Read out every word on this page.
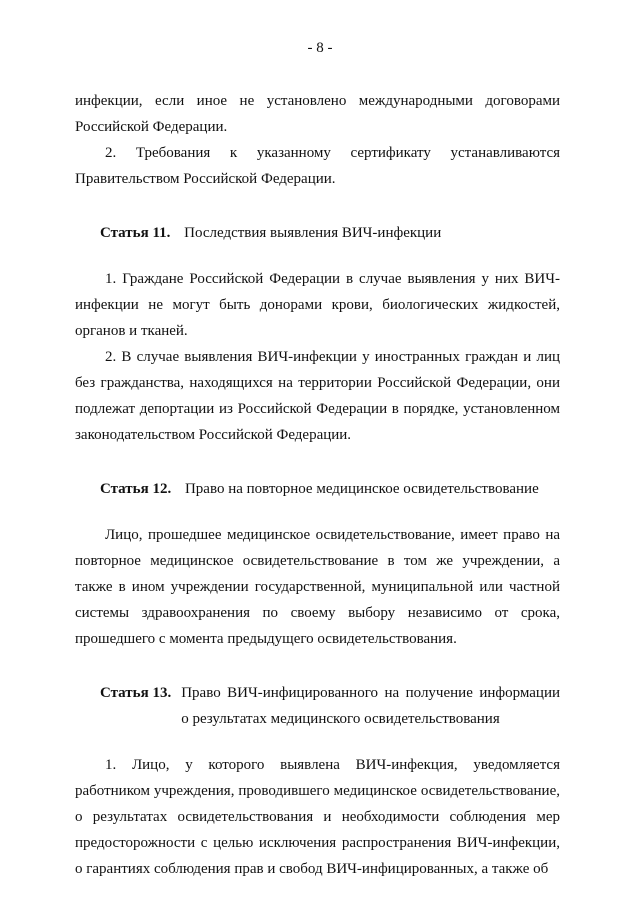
- 8 -

инфекции, если иное не установлено международными договорами Российской Федерации.

2. Требования к указанному сертификату устанавливаются Правительством Российской Федерации.

Статья 11. Последствия выявления ВИЧ-инфекции

1. Граждане Российской Федерации в случае выявления у них ВИЧ-инфекции не могут быть донорами крови, биологических жидкостей, органов и тканей.

2. В случае выявления ВИЧ-инфекции у иностранных граждан и лиц без гражданства, находящихся на территории Российской Федерации, они подлежат депортации из Российской Федерации в порядке, установленном законодательством Российской Федерации.

Статья 12. Право на повторное медицинское освидетельствование

Лицо, прошедшее медицинское освидетельствование, имеет право на повторное медицинское освидетельствование в том же учреждении, а также в ином учреждении государственной, муниципальной или частной системы здравоохранения по своему выбору независимо от срока, прошедшего с момента предыдущего освидетельствования.

Статья 13. Право ВИЧ-инфицированного на получение информации о результатах медицинского освидетельствования

1. Лицо, у которого выявлена ВИЧ-инфекция, уведомляется работником учреждения, проводившего медицинское освидетельствование, о результатах освидетельствования и необходимости соблюдения мер предосторожности с целью исключения распространения ВИЧ-инфекции, о гарантиях соблюдения прав и свобод ВИЧ-инфицированных, а также об
